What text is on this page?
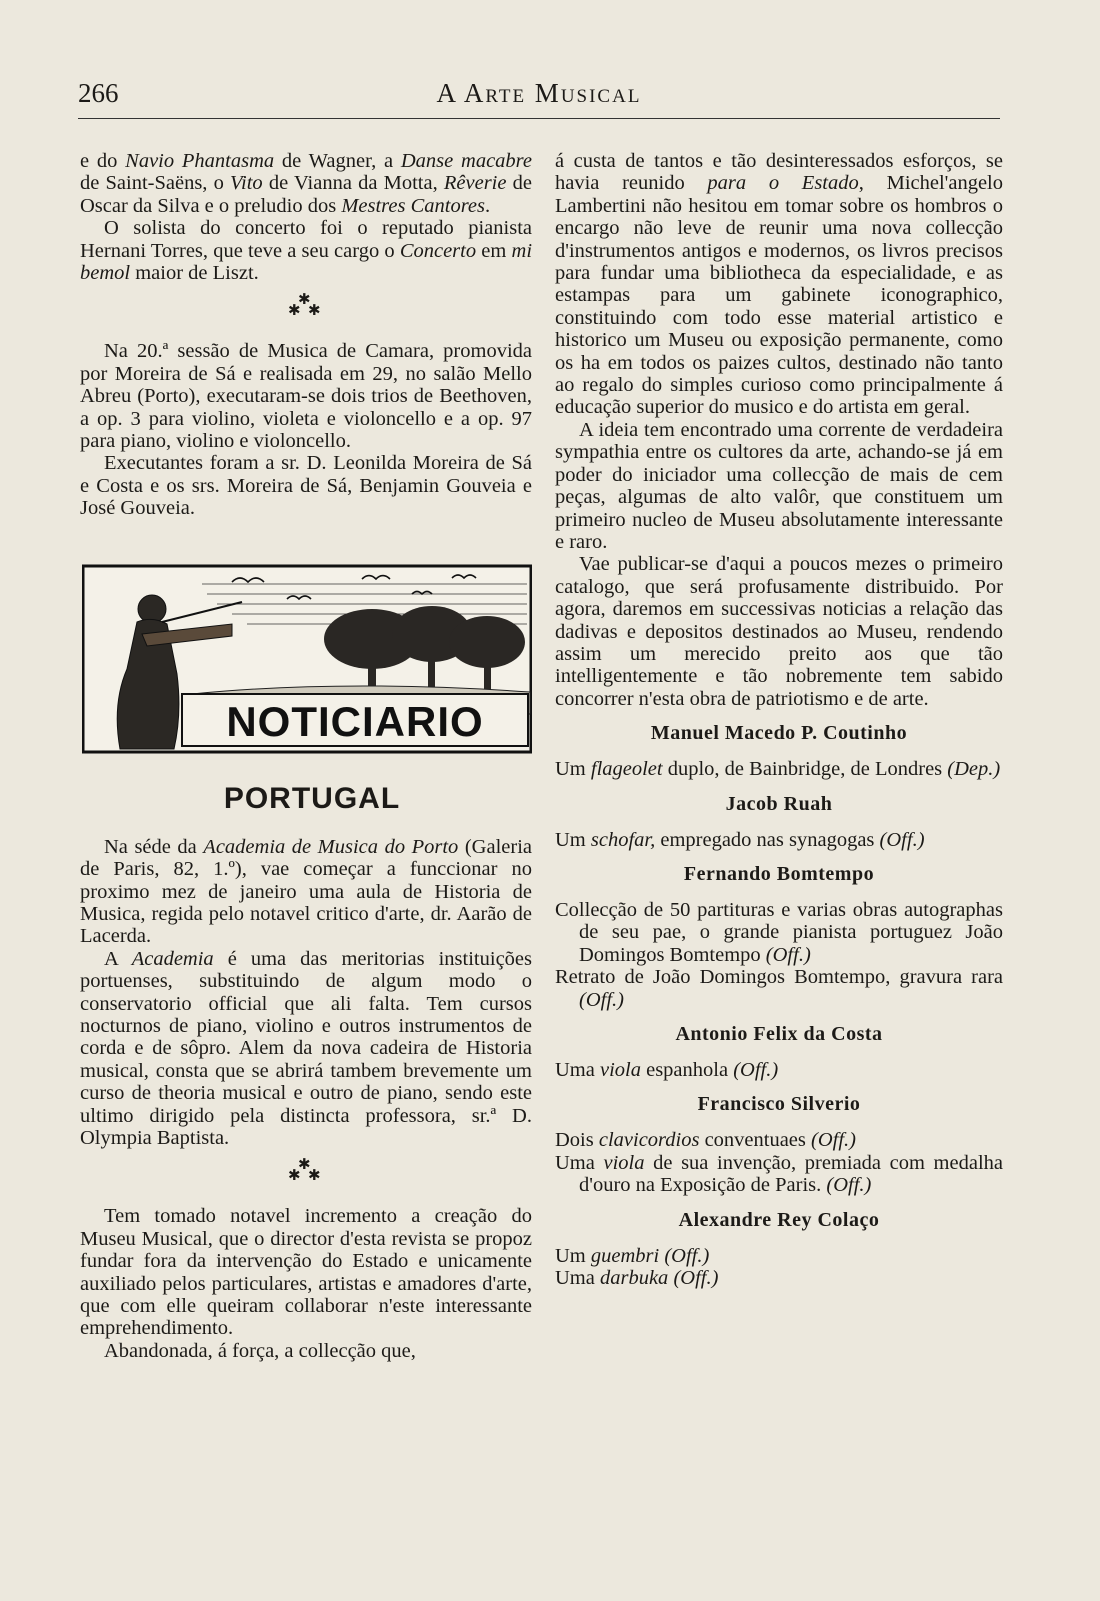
266	A Arte Musical

e do Navio Phantasma de Wagner, a Danse macabre de Saint-Saëns, o Vito de Vianna da Motta, Rêverie de Oscar da Silva e o preludio dos Mestres Cantores.

O solista do concerto foi o reputado pianista Hernani Torres, que teve a seu cargo o Concerto em mi bemol maior de Liszt.

✱
✱ ✱

Na 20.ª sessão de Musica de Camara, promovida por Moreira de Sá e realisada em 29, no salão Mello Abreu (Porto), executaram-se dois trios de Beethoven, a op. 3 para violino, violeta e violoncello e a op. 97 para piano, violino e violoncello.

Executantes foram a sr. D. Leonilda Moreira de Sá e Costa e os srs. Moreira de Sá, Benjamin Gouveia e José Gouveia.

NOTICIARIO
PORTUGAL

Na séde da Academia de Musica do Porto (Galeria de Paris, 82, 1.º), vae começar a funccionar no proximo mez de janeiro uma aula de Historia de Musica, regida pelo notavel critico d'arte, dr. Aarão de Lacerda.

A Academia é uma das meritorias instituições portuenses, substituindo de algum modo o conservatorio official que ali falta. Tem cursos nocturnos de piano, violino e outros instrumentos de corda e de sôpro. Alem da nova cadeira de Historia musical, consta que se abrirá tambem brevemente um curso de theoria musical e outro de piano, sendo este ultimo dirigido pela distincta professora, sr.ª D. Olympia Baptista.

✱
✱ ✱

Tem tomado notavel incremento a creação do Museu Musical, que o director d'esta revista se propoz fundar fora da intervenção do Estado e unicamente auxiliado pelos particulares, artistas e amadores d'arte, que com elle queiram collaborar n'este interessante emprehendimento.

Abandonada, á força, a collecção que,

á custa de tantos e tão desinteressados esforços, se havia reunido para o Estado, Michel'angelo Lambertini não hesitou em tomar sobre os hombros o encargo não leve de reunir uma nova collecção d'instrumentos antigos e modernos, os livros precisos para fundar uma bibliotheca da especialidade, e as estampas para um gabinete iconographico, constituindo com todo esse material artistico e historico um Museu ou exposição permanente, como os ha em todos os paizes cultos, destinado não tanto ao regalo do simples curioso como principalmente á educação superior do musico e do artista em geral.

A ideia tem encontrado uma corrente de verdadeira sympathia entre os cultores da arte, achando-se já em poder do iniciador uma collecção de mais de cem peças, algumas de alto valôr, que constituem um primeiro nucleo de Museu absolutamente interessante e raro.

Vae publicar-se d'aqui a poucos mezes o primeiro catalogo, que será profusamente distribuido. Por agora, daremos em successivas noticias a relação das dadivas e depositos destinados ao Museu, rendendo assim um merecido preito aos que tão intelligentemente e tão nobremente tem sabido concorrer n'esta obra de patriotismo e de arte.

Manuel Macedo P. Coutinho

Um flageolet duplo, de Bainbridge, de Londres (Dep.)

Jacob Ruah

Um schofar, empregado nas synagogas (Off.)

Fernando Bomtempo

Collecção de 50 partituras e varias obras autographas de seu pae, o grande pianista portuguez João Domingos Bomtempo (Off.)

Retrato de João Domingos Bomtempo, gravura rara (Off.)

Antonio Felix da Costa

Uma viola espanhola (Off.)

Francisco Silverio

Dois clavicordios conventuaes (Off.)

Uma viola de sua invenção, premiada com medalha d'ouro na Exposição de Paris. (Off.)

Alexandre Rey Colaço

Um guembri (Off.)

Uma darbuka (Off.)
